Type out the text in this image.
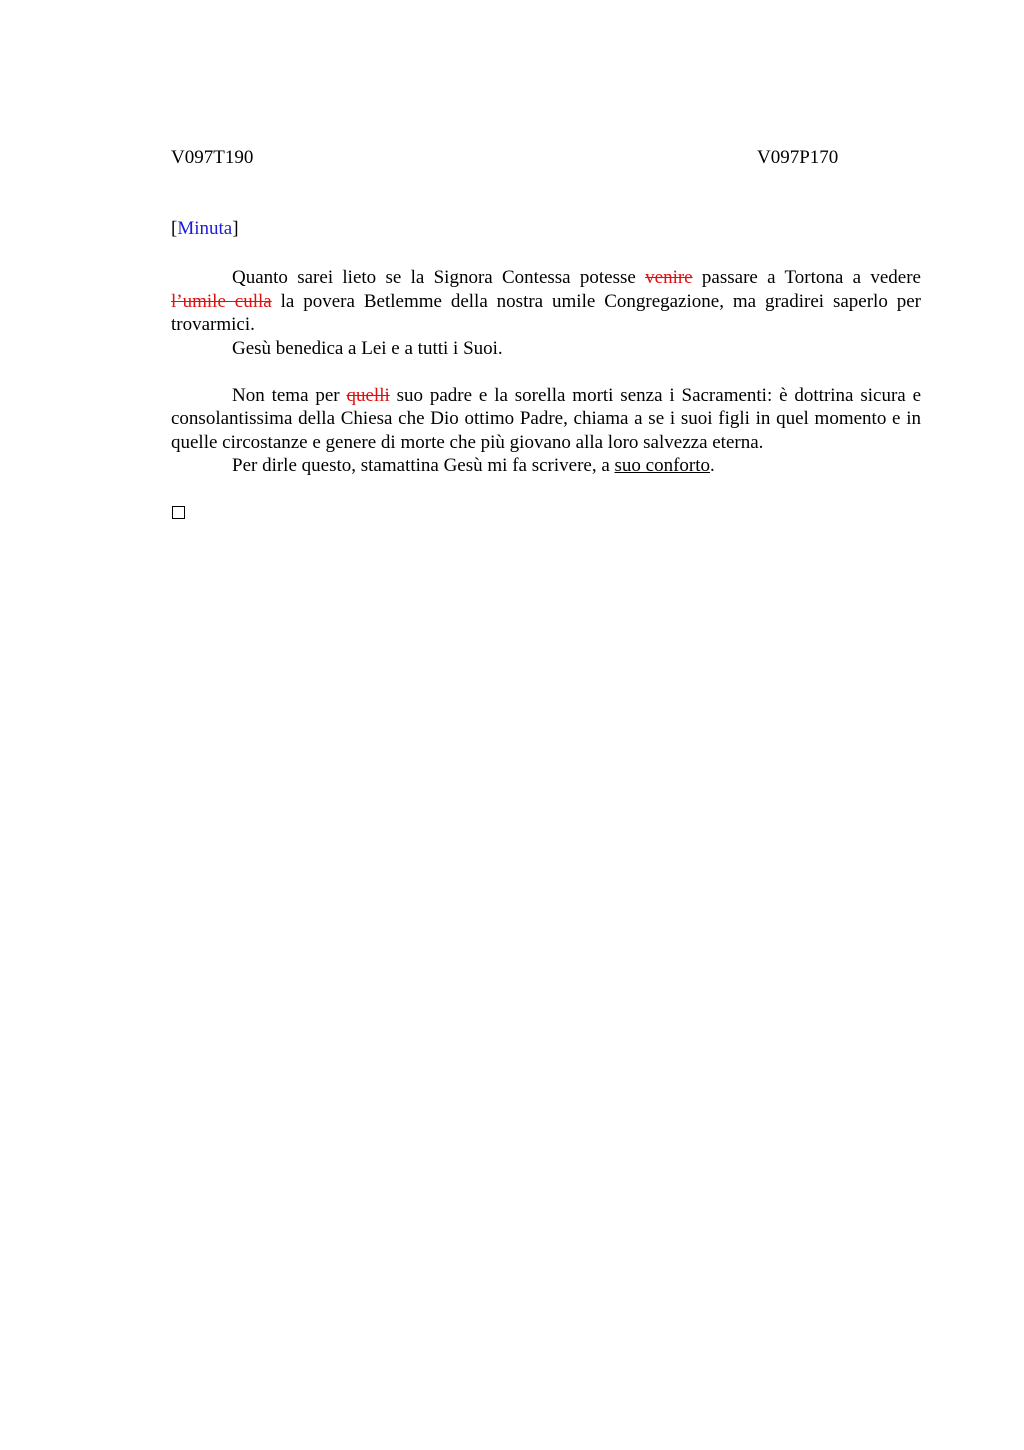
V097T190	V097P170
[Minuta]

Quanto sarei lieto se la Signora Contessa potesse venire passare a Tortona a vedere l’umile culla la povera Betlemme della nostra umile Congregazione, ma gradirei saperlo per trovarmici.

Gesù benedica a Lei e a tutti i Suoi.

Non tema per quelli suo padre e la sorella morti senza i Sacramenti: è dottrina sicura e consolantissima della Chiesa che Dio ottimo Padre, chiama a se i suoi figli in quel momento e in quelle circostanze e genere di morte che più giovano alla loro salvezza eterna.

Per dirle questo, stamattina Gesù mi fa scrivere, a suo conforto.
